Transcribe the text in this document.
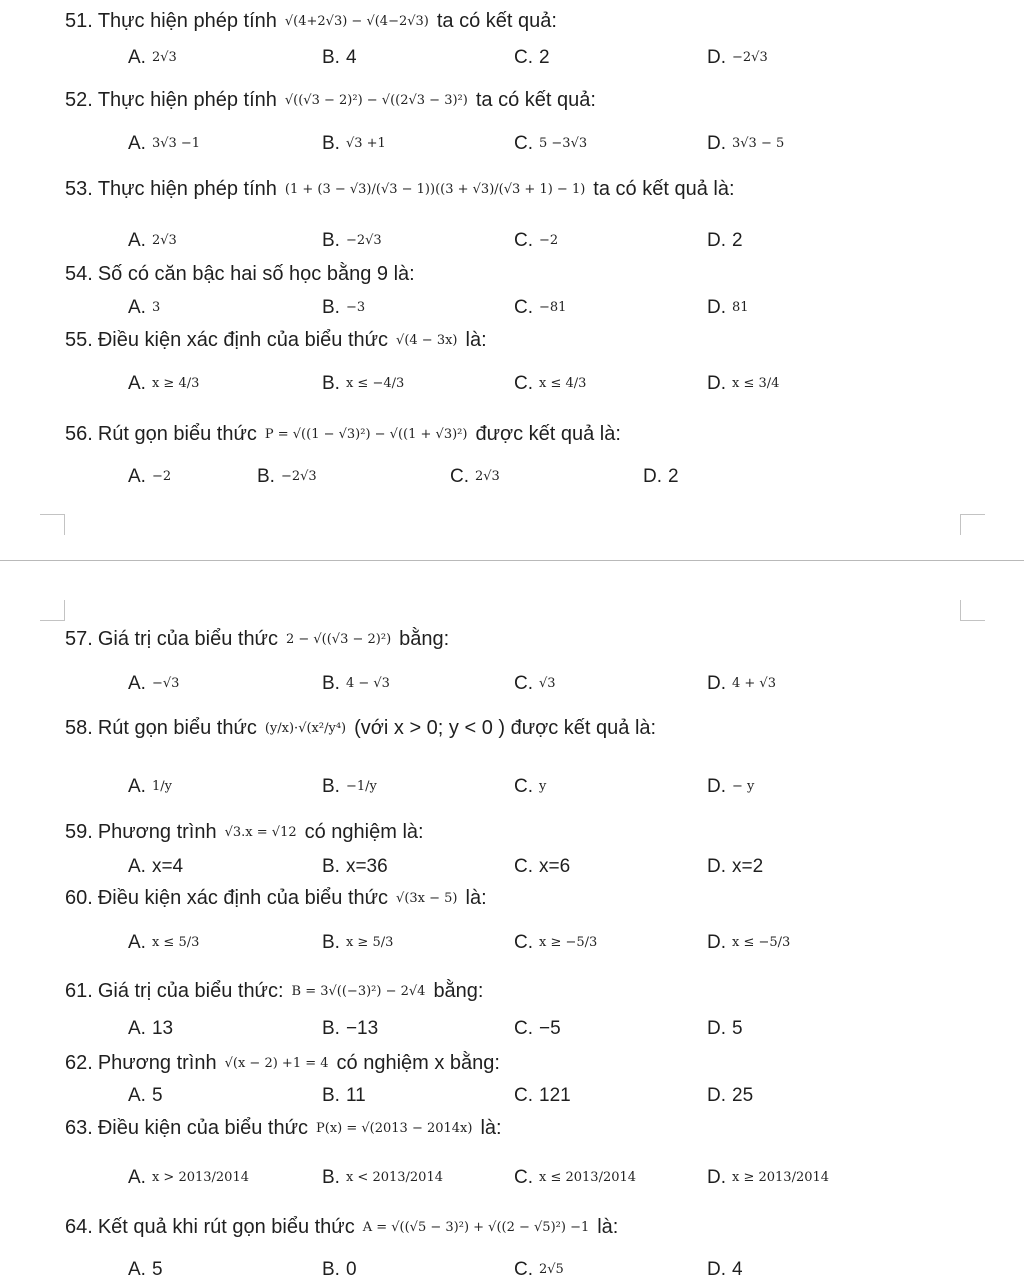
51. Thực hiện phép tính √(4+2√3) − √(4−2√3) ta có kết quả:
A. 2√3	B. 4	C. 2	D. −2√3
52. Thực hiện phép tính √((√3 − 2)²) − √((2√3 − 3)²) ta có kết quả:
A. 3√3 −1	B. √3 +1	C. 5 −3√3	D. 3√3 − 5
53. Thực hiện phép tính (1 + (3 − √3)/(√3 − 1))((3 + √3)/(√3 + 1) − 1) ta có kết quả là:
A. 2√3	B. −2√3	C. −2	D. 2
54. Số có căn bậc hai số học bằng 9 là:
A. 3	B. −3	C. −81	D. 81
55. Điều kiện xác định của biểu thức √(4 − 3x) là:
A. x ≥ 4/3	B. x ≤ −4/3	C. x ≤ 4/3	D. x ≤ 3/4
56. Rút gọn biểu thức P = √((1 − √3)²) − √((1 + √3)²) được kết quả là:
A. −2	B. −2√3	C. 2√3	D. 2
57. Giá trị của biểu thức 2 − √((√3 − 2)²) bằng:
A. −√3	B. 4 − √3	C. √3	D. 4 + √3
58. Rút gọn biểu thức (y/x)·√(x²/y⁴) (với x > 0; y < 0 ) được kết quả là:
A. 1/y	B. −1/y	C. y	D. − y
59. Phương trình √3.x = √12 có nghiệm là:
A. x=4	B. x=36	C. x=6	D. x=2
60. Điều kiện xác định của biểu thức √(3x − 5) là:
A. x ≤ 5/3	B. x ≥ 5/3	C. x ≥ −5/3	D. x ≤ −5/3
61. Giá trị của biểu thức: B = 3√((−3)²) − 2√4 bằng:
A. 13	B. −13	C. −5	D. 5
62. Phương trình √(x − 2) +1 = 4 có nghiệm x bằng:
A. 5	B. 11	C. 121	D. 25
63. Điều kiện của biểu thức P(x) = √(2013 − 2014x) là:
A. x > 2013/2014	B. x < 2013/2014	C. x ≤ 2013/2014	D. x ≥ 2013/2014
64. Kết quả khi rút gọn biểu thức A = √((√5 − 3)²) + √((2 − √5)²) −1 là:
A. 5	B. 0	C. 2√5	D. 4
